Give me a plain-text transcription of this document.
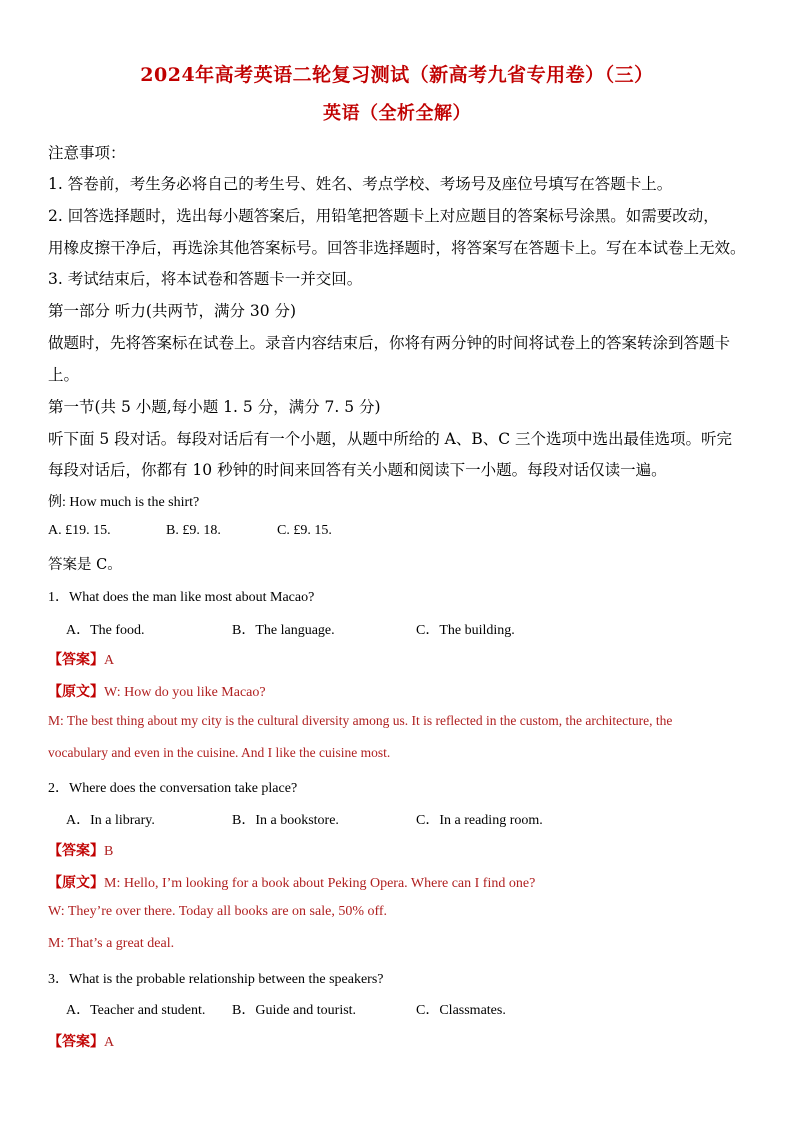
2024年高考英语二轮复习测试（新高考九省专用卷）（三）
英语（全析全解）
注意事项：
1. 答卷前，考生务必将自己的考生号、姓名、考点学校、考场号及座位号填写在答题卡上。
2. 回答选择题时，选出每小题答案后，用铅笔把答题卡上对应题目的答案标号涂黑。如需要改动，
用橡皮擦干净后，再选涂其他答案标号。回答非选择题时，将答案写在答题卡上。写在本试卷上无效。
3. 考试结束后，将本试卷和答题卡一并交回。
第一部分 听力(共两节，满分 30 分)
做题时，先将答案标在试卷上。录音内容结束后，你将有两分钟的时间将试卷上的答案转涂到答题卡
上。
第一节(共 5 小题,每小题 1. 5 分，满分 7. 5 分)
听下面 5 段对话。每段对话后有一个小题，从题中所给的 A、B、C 三个选项中选出最佳选项。听完
每段对话后，你都有 10 秒钟的时间来回答有关小题和阅读下一小题。每段对话仅读一遍。
例: How much is the shirt?
A. £19. 15.	B. £9. 18.	C. £9. 15.
答案是 C。
1．What does the man like most about Macao?
A．The food.	B．The language.	C．The building.
【答案】A
【原文】W: How do you like Macao?
M: The best thing about my city is the cultural diversity among us. It is reflected in the custom, the architecture, the
vocabulary and even in the cuisine. And I like the cuisine most.
2．Where does the conversation take place?
A．In a library.	B．In a bookstore.	C．In a reading room.
【答案】B
【原文】M: Hello, I’m looking for a book about Peking Opera. Where can I find one?
W: They’re over there. Today all books are on sale, 50% off.
M: That’s a great deal.
3．What is the probable relationship between the speakers?
A．Teacher and student. B．Guide and tourist.	C．Classmates.
【答案】A
